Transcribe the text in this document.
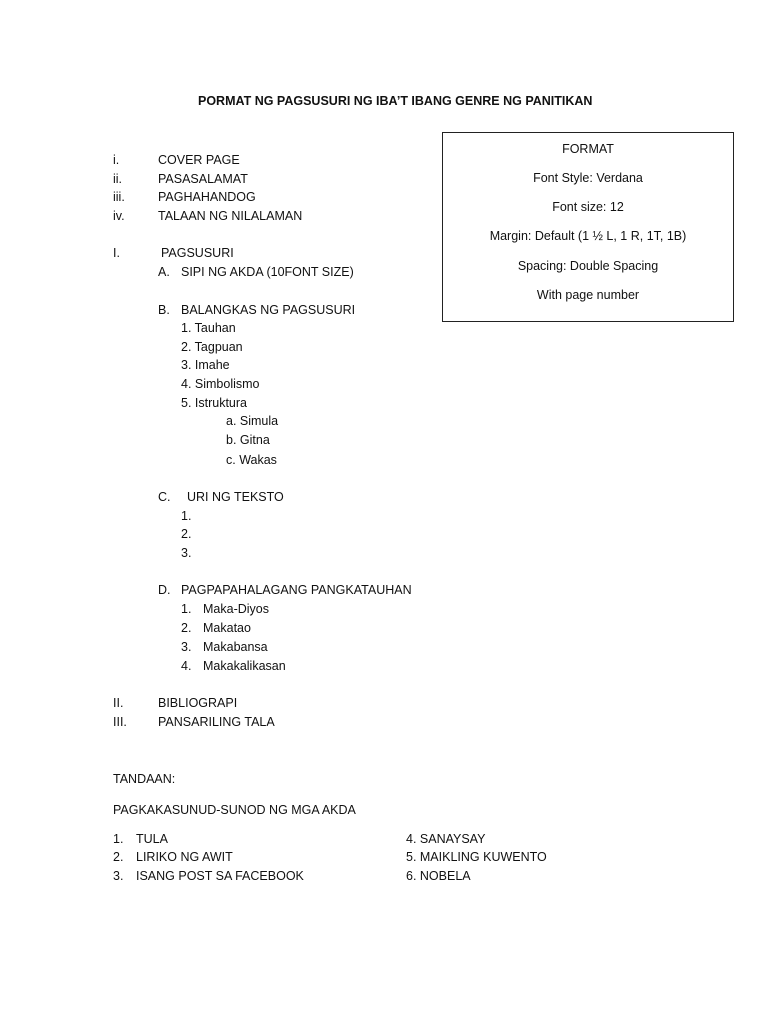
PORMAT NG PAGSUSURI NG IBA’T IBANG GENRE NG PANITIKAN
i.	COVER PAGE
ii.	PASASALAMAT
iii.	PAGHAHANDOG
iv.	TALAAN NG NILALAMAN
I.	PAGSUSURI
A. SIPI NG AKDA (10FONT SIZE)
B. BALANGKAS NG PAGSUSURI
1. Tauhan
2. Tagpuan
3. Imahe
4. Simbolismo
5. Istruktura
a. Simula
b. Gitna
c. Wakas
C. URI NG TEKSTO
1.
2.
3.
D. PAGPAPAHALAGANG PANGKATAUHAN
1. Maka-Diyos
2. Makatao
3. Makabansa
4. Makakalikasan
II.	BIBLIOGRAPI
III. PANSARILING TALA
FORMAT
Font Style: Verdana
Font size: 12
Margin: Default (1 ½ L, 1 R, 1T, 1B)
Spacing: Double Spacing
With page number
TANDAAN:
PAGKAKASUNUD-SUNOD NG MGA AKDA
1. TULA
2. LIRIKO NG AWIT
3. ISANG POST SA FACEBOOK
4. SANAYSAY
5. MAIKLING KUWENTO
6. NOBELA
